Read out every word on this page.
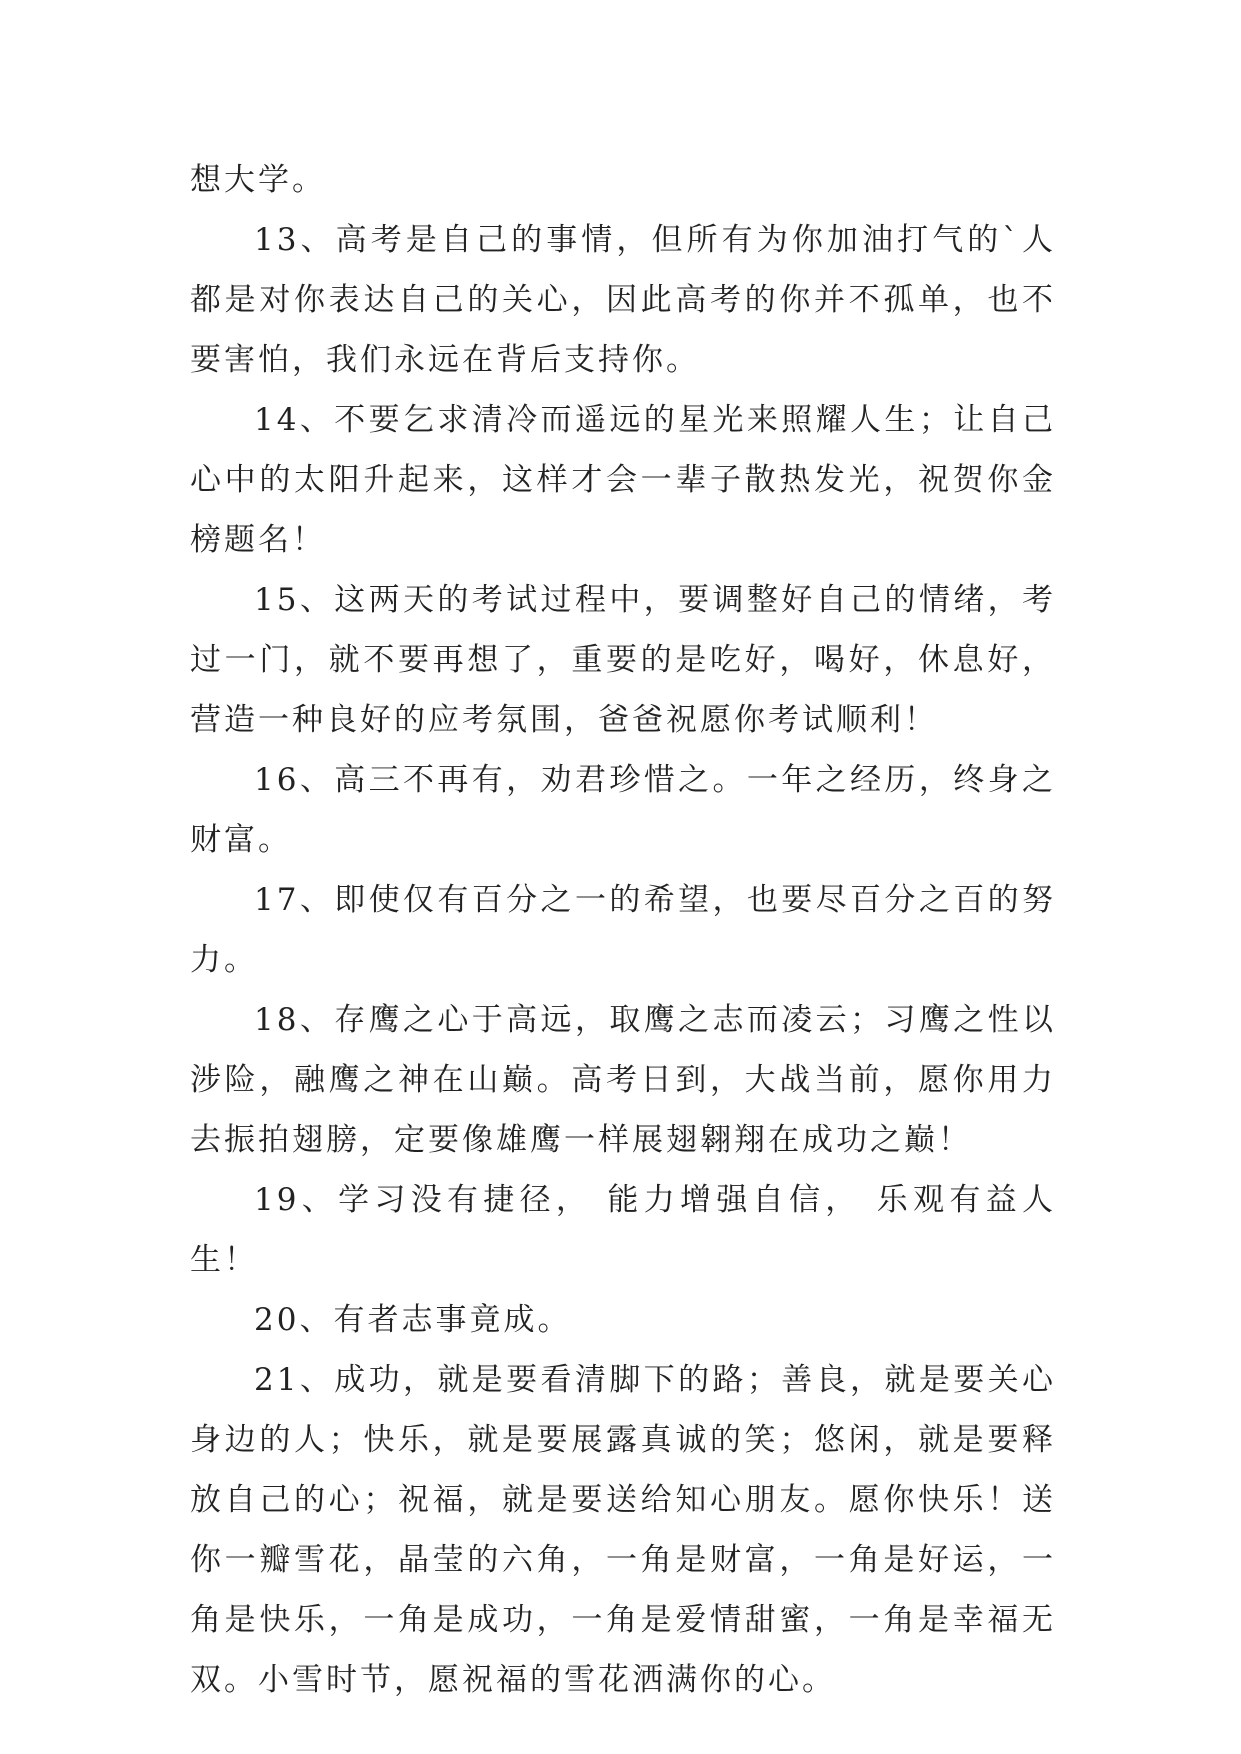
想大学。

13、高考是自己的事情，但所有为你加油打气的`人都是对你表达自己的关心，因此高考的你并不孤单，也不要害怕，我们永远在背后支持你。

14、不要乞求清冷而遥远的星光来照耀人生；让自己心中的太阳升起来，这样才会一辈子散热发光，祝贺你金榜题名！

15、这两天的考试过程中，要调整好自己的情绪，考过一门，就不要再想了，重要的是吃好，喝好，休息好，营造一种良好的应考氛围，爸爸祝愿你考试顺利！

16、高三不再有，劝君珍惜之。一年之经历，终身之财富。

17、即使仅有百分之一的希望，也要尽百分之百的努力。

18、存鹰之心于高远，取鹰之志而凌云；习鹰之性以涉险，融鹰之神在山巅。高考日到，大战当前，愿你用力去振拍翅膀，定要像雄鹰一样展翅翱翔在成功之巅！

19、学习没有捷径， 能力增强自信， 乐观有益人生！

20、有者志事竟成。

21、成功，就是要看清脚下的路；善良，就是要关心身边的人；快乐，就是要展露真诚的笑；悠闲，就是要释放自己的心；祝福，就是要送给知心朋友。愿你快乐！送你一瓣雪花，晶莹的六角，一角是财富，一角是好运，一角是快乐，一角是成功，一角是爱情甜蜜，一角是幸福无双。小雪时节，愿祝福的雪花洒满你的心。
